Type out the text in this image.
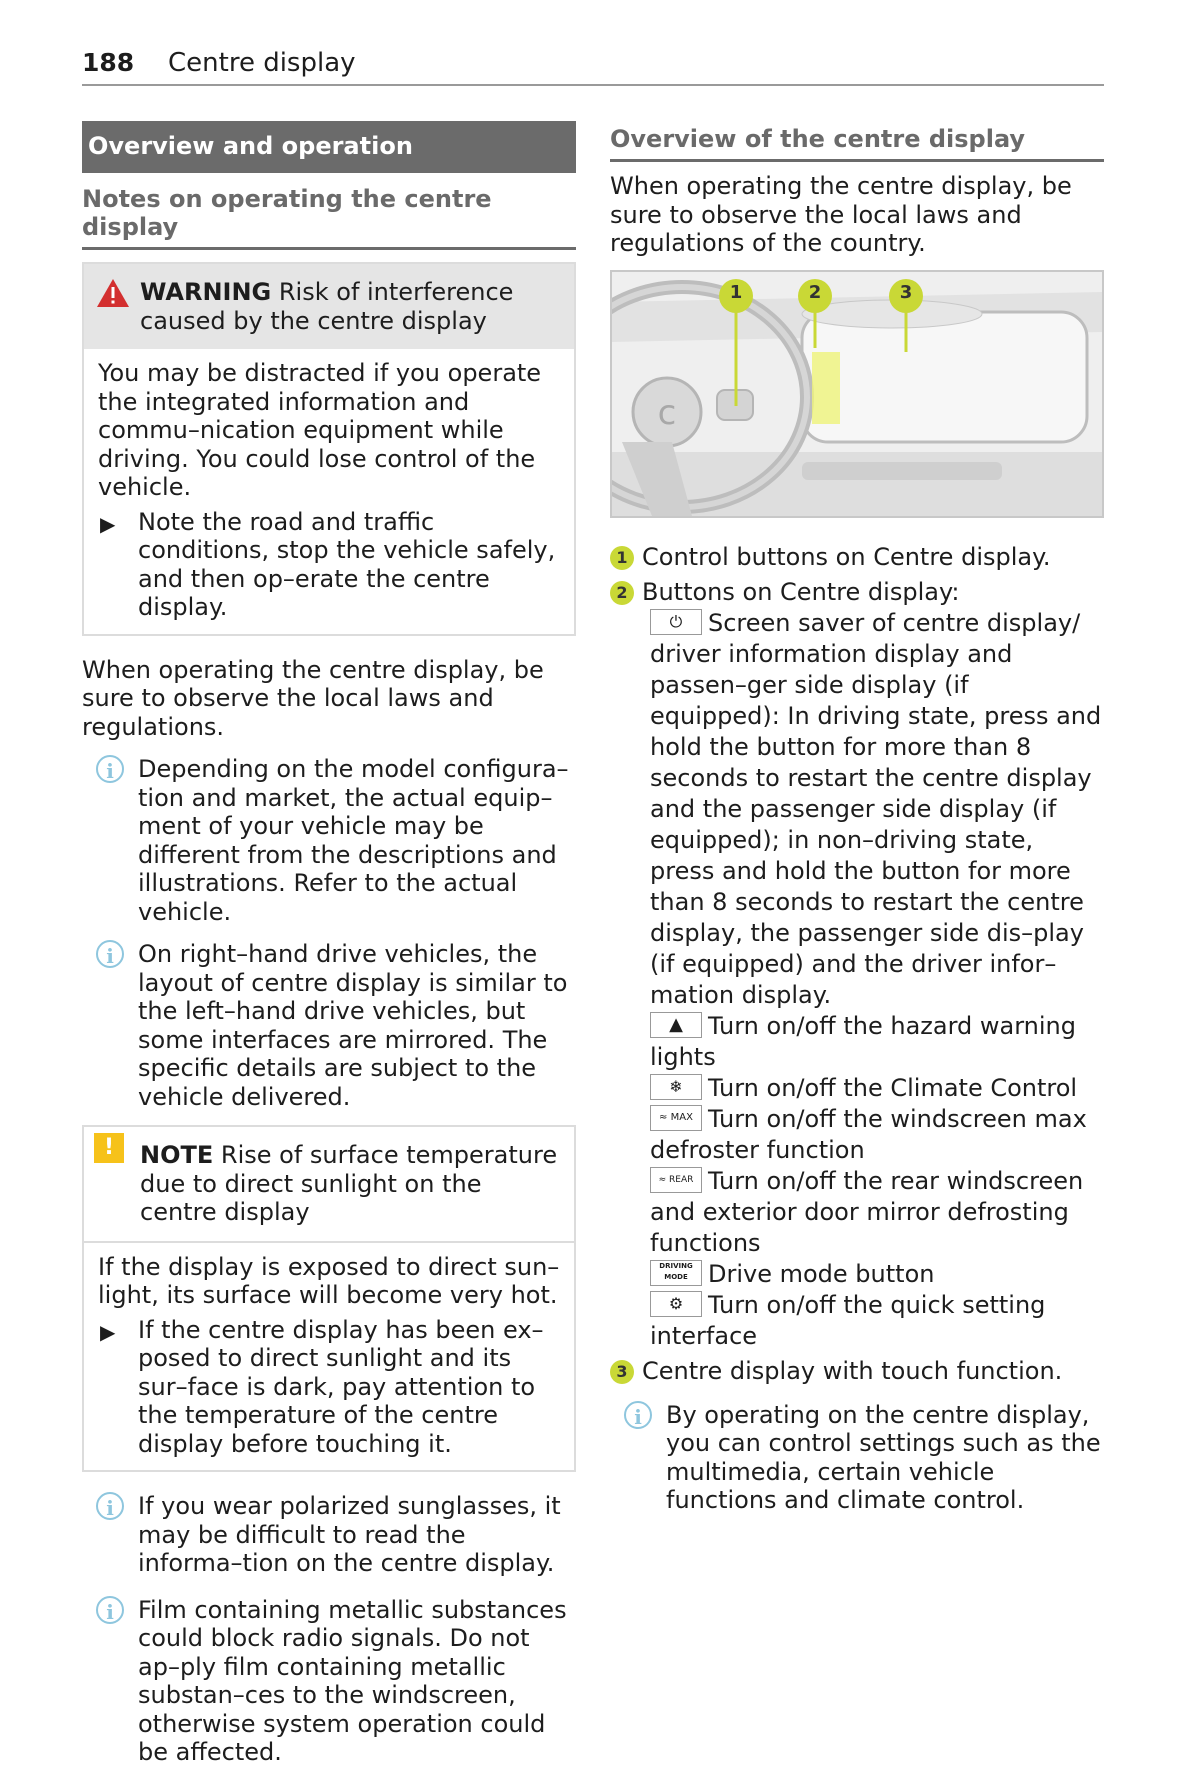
188 Centre display
Overview and operation
Notes on operating the centre display
WARNING Risk of interference caused by the centre display

You may be distracted if you operate the integrated information and commu–nication equipment while driving. You could lose control of the vehicle.

▶ Note the road and traffic conditions, stop the vehicle safely, and then op–erate the centre display.

When operating the centre display, be sure to observe the local laws and regulations.

i	Depending on the model configura–tion and market, the actual equip–ment of your vehicle may be different from the descriptions and illustrations. Refer to the actual vehicle.
i	On right–hand drive vehicles, the layout of centre display is similar to the left–hand drive vehicles, but some interfaces are mirrored. The specific details are subject to the vehicle delivered.
!	NOTE Rise of surface temperature due to direct sunlight on the centre display

If the display is exposed to direct sun–light, its surface will become very hot.

▶ If the centre display has been ex–posed to direct sunlight and its sur–face is dark, pay attention to the temperature of the centre display before touching it.
i	If you wear polarized sunglasses, it may be difficult to read the informa–tion on the centre display.
i	Film containing metallic substances could block radio signals. Do not ap–ply film containing metallic substan–ces to the windscreen, otherwise system operation could be affected.
Overview of the centre display

When operating the centre display, be sure to observe the local laws and regulations of the country.

c
1	2	3
1 Control buttons on Centre display.
2 Buttons on Centre display:
⏻ Screen saver of centre display/ driver information display and passen–ger side display (if equipped): In driving state, press and hold the button for more than 8 seconds to restart the centre display and the passenger side display (if equipped); in non–driving state, press and hold the button for more than 8 seconds to restart the centre display, the passenger side dis–play (if equipped) and the driver infor–mation display.
▲ Turn on/off the hazard warning lights
❄ Turn on/off the Climate Control
≈ MAX Turn on/off the windscreen max defroster function
≈ REAR Turn on/off the rear windscreen and exterior door mirror defrosting functions
DRIVING MODE Drive mode button
⚙ Turn on/off the quick setting interface
3 Centre display with touch function.
i	By operating on the centre display, you can control settings such as the multimedia, certain vehicle functions and climate control.
